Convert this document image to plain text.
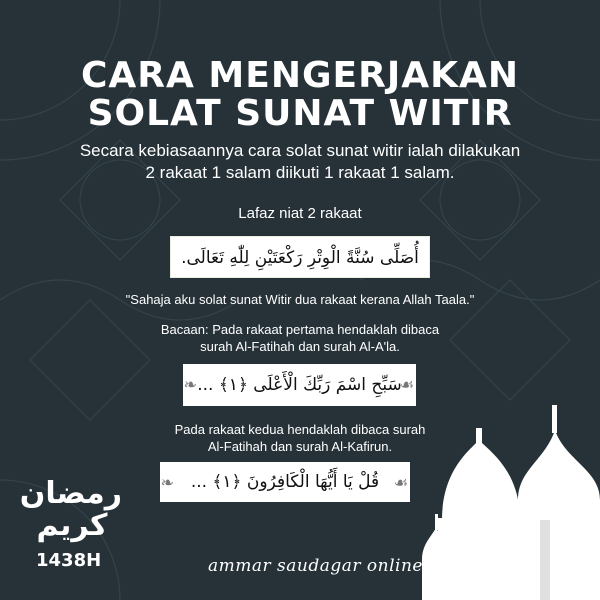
CARA MENGERJAKAN
SOLAT SUNAT WITIR

Secara kebiasaannya cara solat sunat witir ialah dilakukan
2 rakaat 1 salam diikuti 1 rakaat 1 salam.

Lafaz niat 2 rakaat

أُصَلِّى سُنَّةً الْوِتْرِ رَكْعَتَيْنِ لِلّٰهِ تَعَالَى.

"Sahaja aku solat sunat Witir dua rakaat kerana Allah Taala."

Bacaan: Pada rakaat pertama hendaklah dibaca
surah Al-Fatihah dan surah Al-A'la.

❧ سَبِّحِ اسْمَ رَبِّكَ الْأَعْلَى ﴿١﴾ ...
☙

Pada rakaat kedua hendaklah dibaca surah
Al-Fatihah dan surah Al-Kafirun.

❧ قُلْ يَا أَيُّهَا الْكَافِرُونَ ﴿١﴾ ... ☙

رمضان

كريم

1438H	ammar saudagar online
